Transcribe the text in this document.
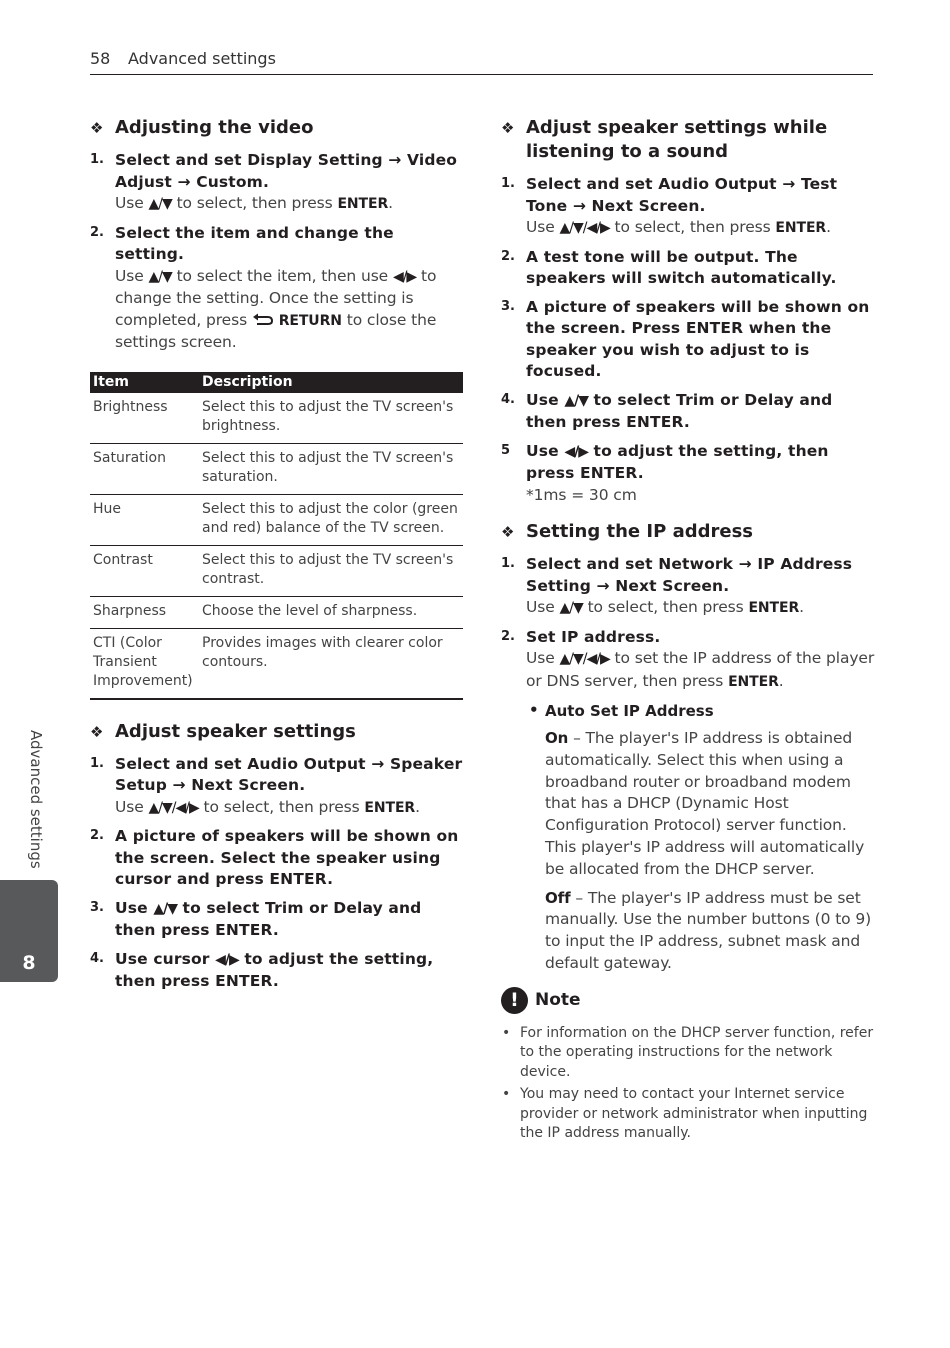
58 Advanced settings
Advanced settings
8
❖ Adjusting the video
1. Select and set Display Setting → Video Adjust → Custom.
Use ▲/▼ to select, then press ENTER.
2. Select the item and change the setting.
Use ▲/▼ to select the item, then use ◀/▶ to change the setting. Once the setting is completed, press RETURN to close the settings screen.
Item	Description
Brightness	Select this to adjust the TV screen's brightness.
Saturation	Select this to adjust the TV screen's saturation.
Hue	Select this to adjust the color (green and red) balance of the TV screen.
Contrast	Select this to adjust the TV screen's contrast.
Sharpness	Choose the level of sharpness.
CTI (Color Transient Improvement)	Provides images with clearer color contours.
❖ Adjust speaker settings
1. Select and set Audio Output → Speaker Setup → Next Screen.
Use ▲/▼/◀/▶ to select, then press ENTER.
2. A picture of speakers will be shown on the screen. Select the speaker using cursor and press ENTER.
3. Use ▲/▼ to select Trim or Delay and then press ENTER.
4. Use cursor ◀/▶ to adjust the setting, then press ENTER.
❖ Adjust speaker settings while listening to a sound
1. Select and set Audio Output → Test Tone → Next Screen.
Use ▲/▼/◀/▶ to select, then press ENTER.
2. A test tone will be output. The speakers will switch automatically.
3. A picture of speakers will be shown on the screen. Press ENTER when the speaker you wish to adjust to is focused.
4. Use ▲/▼ to select Trim or Delay and then press ENTER.
5 Use ◀/▶ to adjust the setting, then press ENTER.
*1ms = 30 cm
❖ Setting the IP address
1. Select and set Network → IP Address Setting → Next Screen.
Use ▲/▼ to select, then press ENTER.
2. Set IP address.
Use ▲/▼/◀/▶ to set the IP address of the player or DNS server, then press ENTER.
• Auto Set IP Address
On – The player's IP address is obtained automatically. Select this when using a broadband router or broadband modem that has a DHCP (Dynamic Host Configuration Protocol) server function. This player's IP address will automatically be allocated from the DHCP server.
Off – The player's IP address must be set manually. Use the number buttons (0 to 9) to input the IP address, subnet mask and default gateway.
! Note
• For information on the DHCP server function, refer to the operating instructions for the network device.
• You may need to contact your Internet service provider or network administrator when inputting the IP address manually.
